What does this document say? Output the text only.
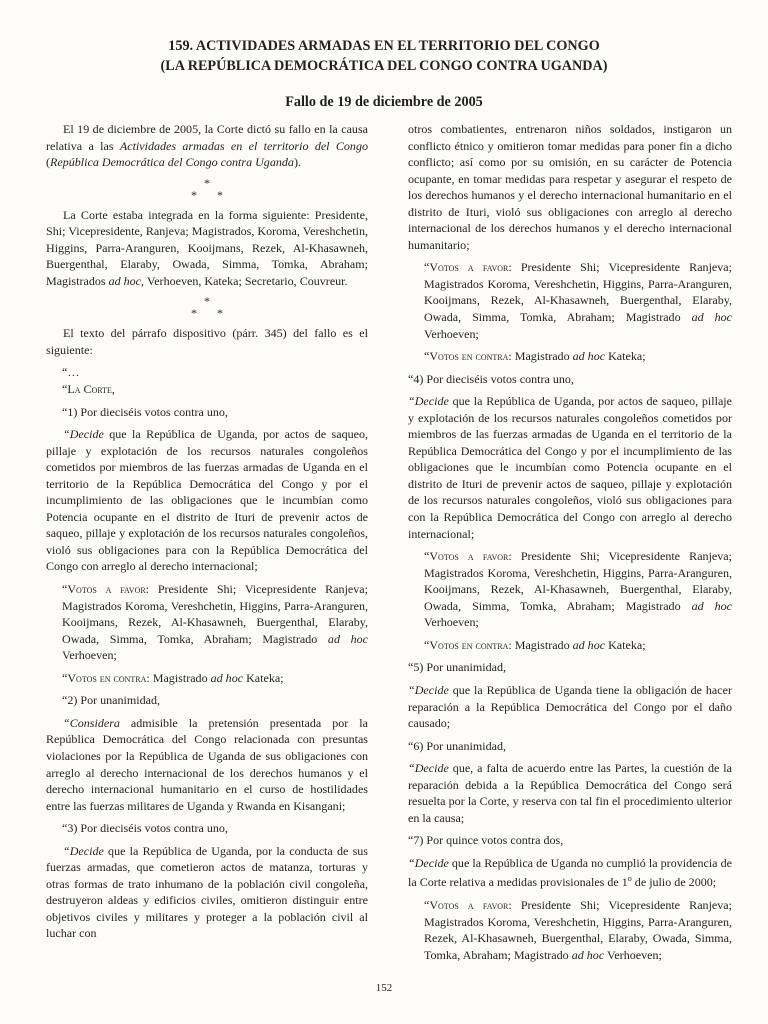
159. ACTIVIDADES ARMADAS EN EL TERRITORIO DEL CONGO
(LA REPÚBLICA DEMOCRÁTICA DEL CONGO CONTRA UGANDA)
Fallo de 19 de diciembre de 2005

El 19 de diciembre de 2005, la Corte dictó su fallo en la causa relativa a las Actividades armadas en el territorio del Congo (República Democrática del Congo contra Uganda).

*
* *

La Corte estaba integrada en la forma siguiente: Presidente, Shi; Vicepresidente, Ranjeva; Magistrados, Koroma, Vereshchetin, Higgins, Parra-Aranguren, Kooijmans, Rezek, Al-Khasawneh, Buergenthal, Elaraby, Owada, Simma, Tomka, Abraham; Magistrados ad hoc, Verhoeven, Kateka; Secretario, Couvreur.

*
* *

El texto del párrafo dispositivo (párr. 345) del fallo es el siguiente:

“…

“La Corte,

“1) Por dieciséis votos contra uno,

“Decide que la República de Uganda, por actos de saqueo, pillaje y explotación de los recursos naturales congoleños cometidos por miembros de las fuerzas armadas de Uganda en el territorio de la República Democrática del Congo y por el incumplimiento de las obligaciones que le incumbían como Potencia ocupante en el distrito de Ituri de prevenir actos de saqueo, pillaje y explotación de los recursos naturales congoleños, violó sus obligaciones para con la República Democrática del Congo con arreglo al derecho internacional;

“Votos a favor: Presidente Shi; Vicepresidente Ranjeva; Magistrados Koroma, Vereshchetin, Higgins, Parra-Aranguren, Kooijmans, Rezek, Al-Khasawneh, Buergenthal, Elaraby, Owada, Simma, Tomka, Abraham; Magistrado ad hoc Verhoeven;

“Votos en contra: Magistrado ad hoc Kateka;

“2) Por unanimidad,

“Considera admisible la pretensión presentada por la República Democrática del Congo relacionada con presuntas violaciones por la República de Uganda de sus obligaciones con arreglo al derecho internacional de los derechos humanos y el derecho internacional humanitario en el curso de hostilidades entre las fuerzas militares de Uganda y Rwanda en Kisangani;

“3) Por dieciséis votos contra uno,

“Decide que la República de Uganda, por la conducta de sus fuerzas armadas, que cometieron actos de matanza, torturas y otras formas de trato inhumano de la población civil congoleña, destruyeron aldeas y edificios civiles, omitieron distinguir entre objetivos civiles y militares y proteger a la población civil al luchar con

otros combatientes, entrenaron niños soldados, instigaron un conflicto étnico y omitieron tomar medidas para poner fin a dicho conflicto; así como por su omisión, en su carácter de Potencia ocupante, en tomar medidas para respetar y asegurar el respeto de los derechos humanos y el derecho internacional humanitario en el distrito de Ituri, violó sus obligaciones con arreglo al derecho internacional de los derechos humanos y el derecho internacional humanitario;

“Votos a favor: Presidente Shi; Vicepresidente Ranjeva; Magistrados Koroma, Vereshchetin, Higgins, Parra-Aranguren, Kooijmans, Rezek, Al-Khasawneh, Buergenthal, Elaraby, Owada, Simma, Tomka, Abraham; Magistrado ad hoc Verhoeven;

“Votos en contra: Magistrado ad hoc Kateka;

“4) Por dieciséis votos contra uno,

“Decide que la República de Uganda, por actos de saqueo, pillaje y explotación de los recursos naturales congoleños cometidos por miembros de las fuerzas armadas de Uganda en el territorio de la República Democrática del Congo y por el incumplimiento de las obligaciones que le incumbían como Potencia ocupante en el distrito de Ituri de prevenir actos de saqueo, pillaje y explotación de los recursos naturales congoleños, violó sus obligaciones para con la República Democrática del Congo con arreglo al derecho internacional;

“Votos a favor: Presidente Shi; Vicepresidente Ranjeva; Magistrados Koroma, Vereshchetin, Higgins, Parra-Aranguren, Kooijmans, Rezek, Al-Khasawneh, Buergenthal, Elaraby, Owada, Simma, Tomka, Abraham; Magistrado ad hoc Verhoeven;

“Votos en contra: Magistrado ad hoc Kateka;

“5) Por unanimidad,

“Decide que la República de Uganda tiene la obligación de hacer reparación a la República Democrática del Congo por el daño causado;

“6) Por unanimidad,

“Decide que, a falta de acuerdo entre las Partes, la cuestión de la reparación debida a la República Democrática del Congo será resuelta por la Corte, y reserva con tal fin el procedimiento ulterior en la causa;

“7) Por quince votos contra dos,

“Decide que la República de Uganda no cumplió la providencia de la Corte relativa a medidas provisionales de 1$^o$ de julio de 2000;

“Votos a favor: Presidente Shi; Vicepresidente Ranjeva; Magistrados Koroma, Vereshchetin, Higgins, Parra-Aranguren, Rezek, Al-Khasawneh, Buergenthal, Elaraby, Owada, Simma, Tomka, Abraham; Magistrado ad hoc Verhoeven;

152
